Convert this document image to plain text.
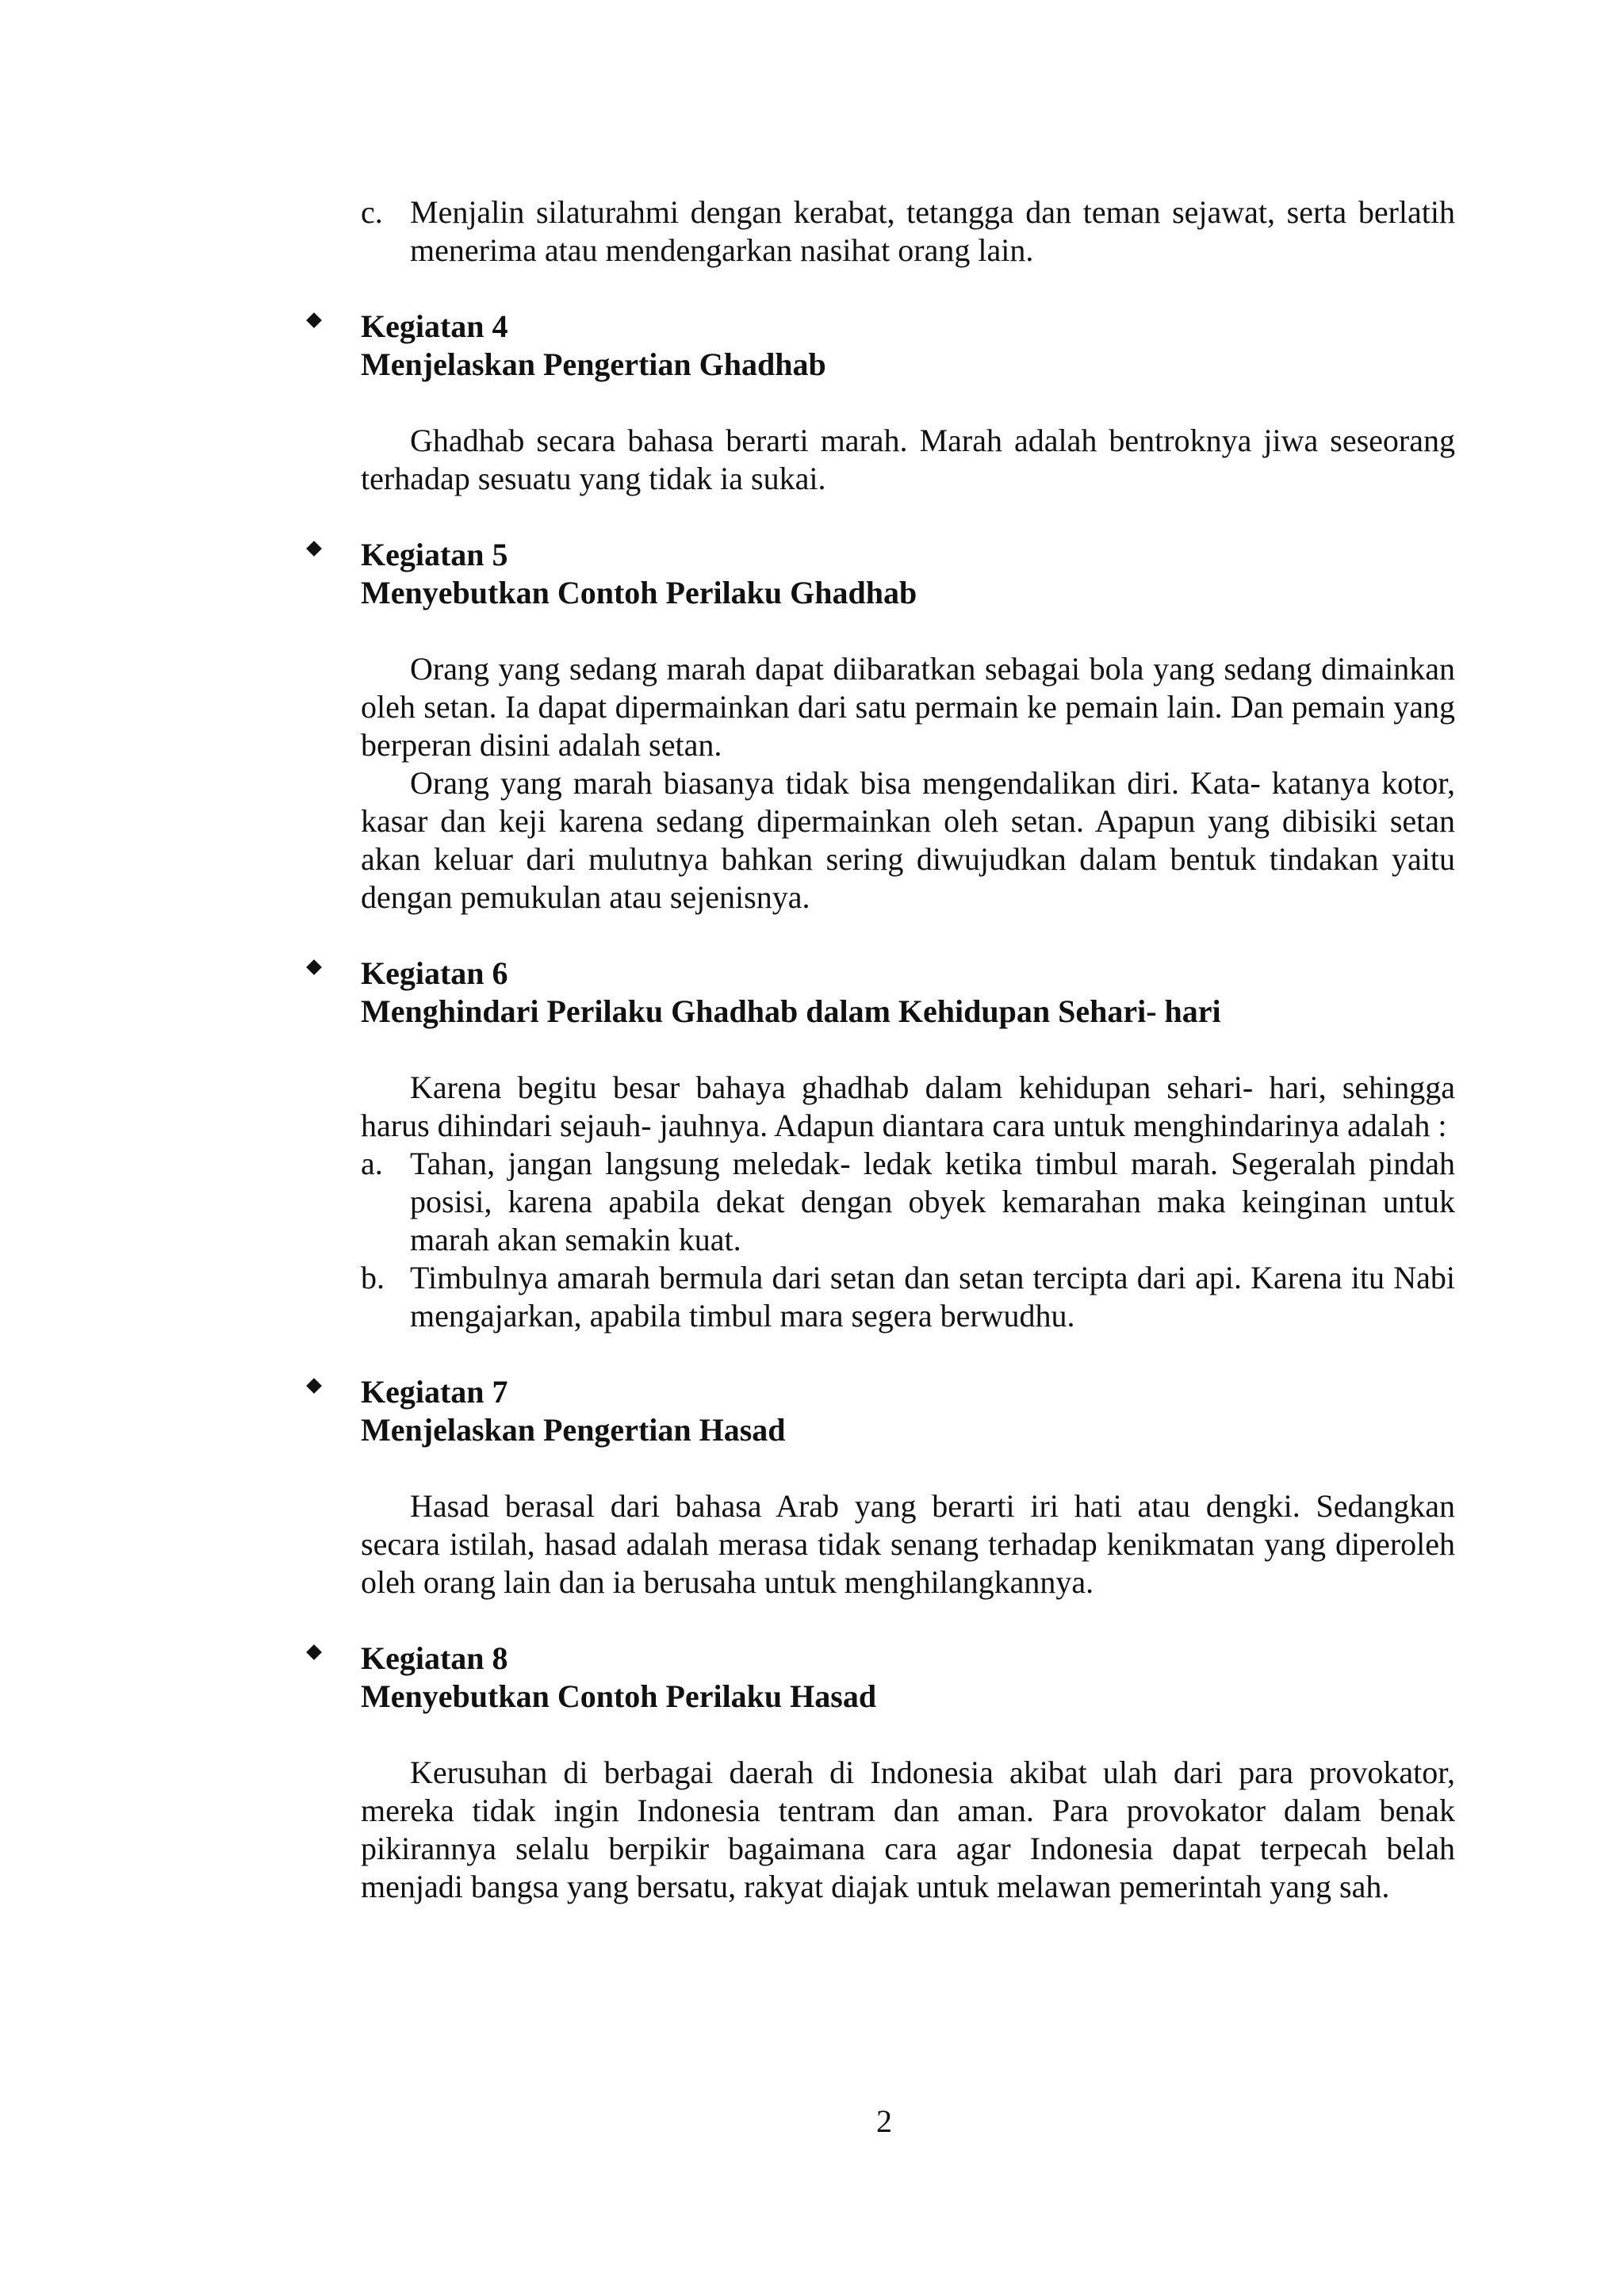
c. Menjalin silaturahmi dengan kerabat, tetangga dan teman sejawat, serta berlatih menerima atau mendengarkan nasihat orang lain.
Kegiatan 4
Menjelaskan Pengertian Ghadhab
Ghadhab secara bahasa berarti marah. Marah adalah bentroknya jiwa seseorang terhadap sesuatu yang tidak ia sukai.
Kegiatan 5
Menyebutkan Contoh Perilaku Ghadhab
Orang yang sedang marah dapat diibaratkan sebagai bola yang sedang dimainkan oleh setan. Ia dapat dipermainkan dari satu permain ke pemain lain. Dan pemain yang berperan disini adalah setan.
Orang yang marah biasanya tidak bisa mengendalikan diri. Kata- katanya kotor, kasar dan keji karena sedang dipermainkan oleh setan. Apapun yang dibisiki setan akan keluar dari mulutnya bahkan sering diwujudkan dalam bentuk tindakan yaitu dengan pemukulan atau sejenisnya.
Kegiatan 6
Menghindari Perilaku Ghadhab dalam Kehidupan Sehari- hari
Karena begitu besar bahaya ghadhab dalam kehidupan sehari- hari, sehingga harus dihindari sejauh- jauhnya. Adapun diantara cara untuk menghindarinya adalah :
a. Tahan, jangan langsung meledak- ledak ketika timbul marah. Segeralah pindah posisi, karena apabila dekat dengan obyek kemarahan maka keinginan untuk marah akan semakin kuat.
b. Timbulnya amarah bermula dari setan dan setan tercipta dari api. Karena itu Nabi mengajarkan, apabila timbul mara segera berwudhu.
Kegiatan 7
Menjelaskan Pengertian Hasad
Hasad berasal dari bahasa Arab yang berarti iri hati atau dengki. Sedangkan secara istilah, hasad adalah merasa tidak senang terhadap kenikmatan yang diperoleh oleh orang lain dan ia berusaha untuk menghilangkannya.
Kegiatan 8
Menyebutkan Contoh Perilaku Hasad
Kerusuhan di berbagai daerah di Indonesia akibat ulah dari para provokator, mereka tidak ingin Indonesia tentram dan aman. Para provokator dalam benak pikirannya selalu berpikir bagaimana cara agar Indonesia dapat terpecah belah menjadi bangsa yang bersatu, rakyat diajak untuk melawan pemerintah yang sah.
2
